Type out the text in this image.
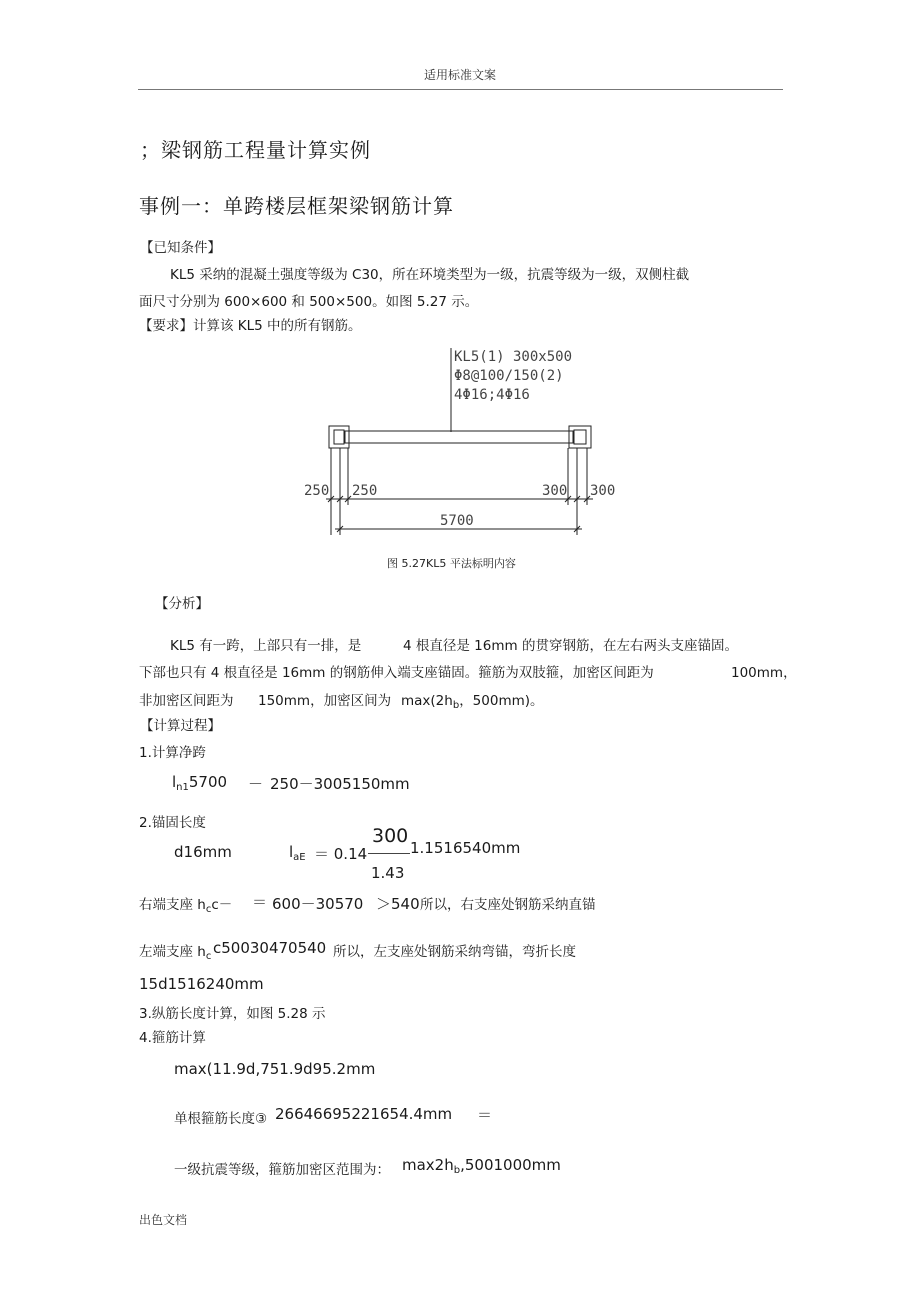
适用标准文案
；梁钢筋工程量计算实例
事例一：单跨楼层框架梁钢筋计算
【已知条件】
KL5 采纳的混凝土强度等级为 C30，所在环境类型为一级，抗震等级为一级，双侧柱截
面尺寸分别为 600×600 和 500×500。如图 5.27 示。
【要求】计算该 KL5 中的所有钢筋。
KL5(1) 300x500
Φ8@100/150(2)
4Φ16;4Φ16
250 250	300 300
5700
图 5.27KL5 平法标明内容
【分析】
KL5 有一跨，上部只有一排，是	4 根直径是 16mm 的贯穿钢筋，在左右两头支座锚固。
下部也只有 4 根直径是 16mm 的钢筋伸入端支座锚固。箍筋为双肢箍，加密区间距为	100mm，
非加密区间距为 150mm，加密区间为 $\max(2h_b$，500mm)。
【计算过程】
1.计算净跨
$l_{n1}5700 - 250-3005150mm$
2.锚固长度
d16mm	$l_{aE} = 0.14$
300
1.43
1.1516540mm
右端支座 $h_cc- = 600-30570 >540$ 所以，右支座处钢筋采纳直锚
左端支座 $h_c$ c50030470540 所以，左支座处钢筋采纳弯锚，弯折长度
15d1516240mm
3.纵筋长度计算，如图 5.28 示
4.箍筋计算
max(11.9d,751.9d95.2mm
单根箍筋长度③ 26646695221654.4mm ＝
一级抗震等级，箍筋加密区范围为： $\max 2h_b,5001000mm$
出色文档
